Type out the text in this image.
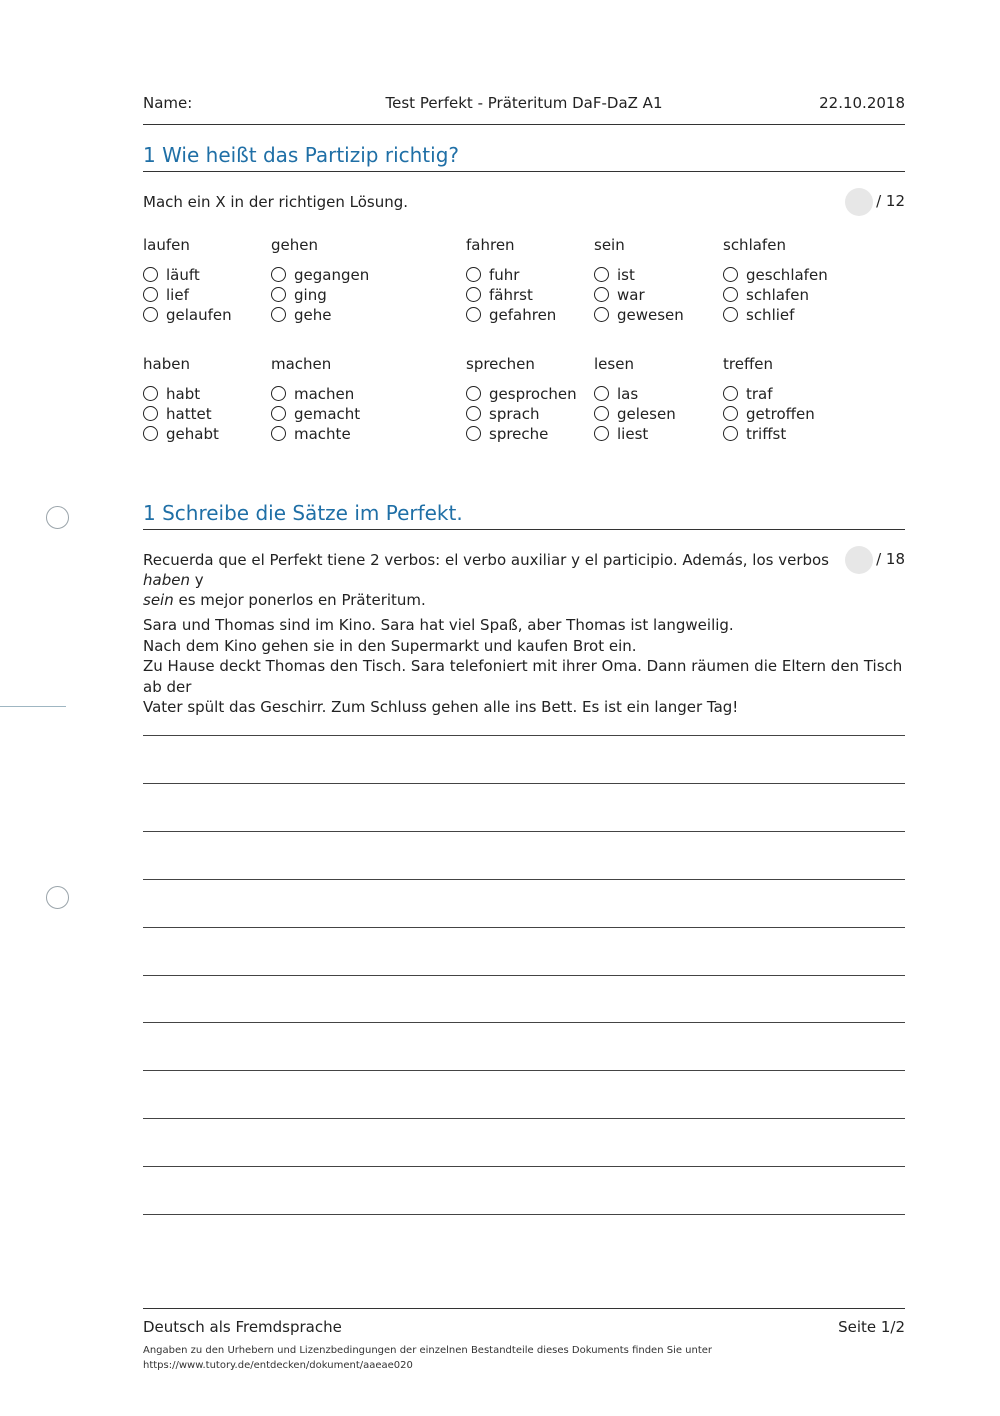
Test Perfekt - Präteritum DaF-DaZ A1
Name:	22.10.2018
1 Wie heißt das Partizip richtig?
Mach ein X in der richtigen Lösung.	/ 12
laufen
läuft
lief
gelaufen
gehen
gegangen
ging
gehe
fahren
fuhr
fährst
gefahren
sein
ist
war
gewesen
schlafen
geschlafen
schlafen
schlief
haben
habt
hattet
gehabt
machen
machen
gemacht
machte
sprechen
gesprochen
sprach
spreche
lesen
las
gelesen
liest
treffen
traf
getroffen
triffst
1 Schreibe die Sätze im Perfekt.
Recuerda que el Perfekt tiene 2 verbos: el verbo auxiliar y el participio. Además, los verbos haben y
sein es mejor ponerlos en Präteritum.
/ 18

Sara und Thomas sind im Kino. Sara hat viel Spaß, aber Thomas ist langweilig.

Nach dem Kino gehen sie in den Supermarkt und kaufen Brot ein.

Zu Hause deckt Thomas den Tisch. Sara telefoniert mit ihrer Oma. Dann räumen die Eltern den Tisch ab der

Vater spült das Geschirr. Zum Schluss gehen alle ins Bett. Es ist ein langer Tag!

Deutsch als Fremdsprache	Seite 1/2
Angaben zu den Urhebern und Lizenzbedingungen der einzelnen Bestandteile dieses Dokuments finden Sie unter
https://www.tutory.de/entdecken/dokument/aaeae020
